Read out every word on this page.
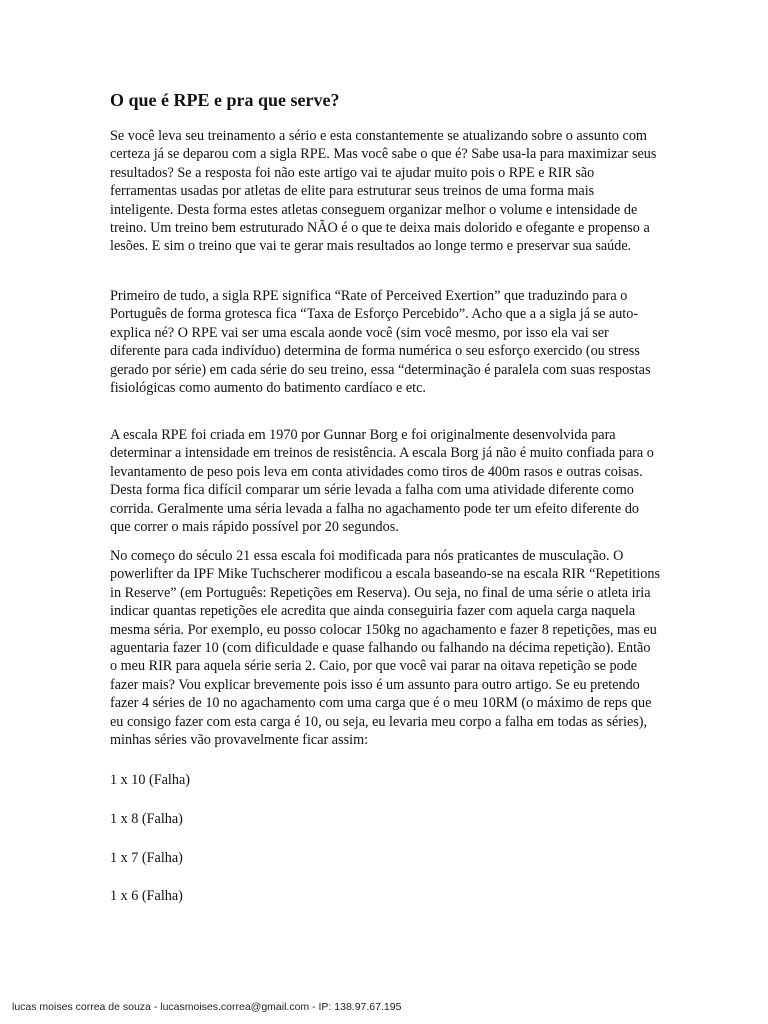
O que é RPE e pra que serve?

Se você leva seu treinamento a sério e esta constantemente se atualizando sobre o assunto com certeza já se deparou com a sigla RPE. Mas você sabe o que é? Sabe usa-la para maximizar seus resultados? Se a resposta foi não este artigo vai te ajudar muito pois o RPE e RIR são ferramentas usadas por atletas de elite para estruturar seus treinos de uma forma mais inteligente. Desta forma estes atletas conseguem organizar melhor o volume e intensidade de treino. Um treino bem estruturado NÃO é o que te deixa mais dolorido e ofegante e propenso a lesões. E sim o treino que vai te gerar mais resultados ao longe termo e preservar sua saúde.

Primeiro de tudo, a sigla RPE significa “Rate of Perceived Exertion” que traduzindo para o Português de forma grotesca fica “Taxa de Esforço Percebido”. Acho que a a sigla já se auto-explica né? O RPE vai ser uma escala aonde você (sim você mesmo, por isso ela vai ser diferente para cada indivíduo) determina de forma numérica o seu esforço exercido (ou stress gerado por série) em cada série do seu treino, essa “determinação é paralela com suas respostas fisiológicas como aumento do batimento cardíaco e etc.

A escala RPE foi criada em 1970 por Gunnar Borg e foi originalmente desenvolvida para determinar a intensidade em treinos de resistência. A escala Borg já não é muito confiada para o levantamento de peso pois leva em conta atividades como tiros de 400m rasos e outras coisas. Desta forma fica difícil comparar um série levada a falha com uma atividade diferente como corrida. Geralmente uma séria levada a falha no agachamento pode ter um efeito diferente do que correr o mais rápido possível por 20 segundos.

No começo do século 21 essa escala foi modificada para nós praticantes de musculação. O powerlifter da IPF Mike Tuchscherer modificou a escala baseando-se na escala RIR “Repetitions in Reserve” (em Português: Repetições em Reserva). Ou seja, no final de uma série o atleta iria indicar quantas repetições ele acredita que ainda conseguiria fazer com aquela carga naquela mesma séria. Por exemplo, eu posso colocar 150kg no agachamento e fazer 8 repetições, mas eu aguentaria fazer 10 (com dificuldade e quase falhando ou falhando na décima repetição). Então o meu RIR para aquela série seria 2. Caio, por que você vai parar na oitava repetição se pode fazer mais? Vou explicar brevemente pois isso é um assunto para outro artigo. Se eu pretendo fazer 4 séries de 10 no agachamento com uma carga que é o meu 10RM (o máximo de reps que eu consigo fazer com esta carga é 10, ou seja, eu levaria meu corpo a falha em todas as séries), minhas séries vão provavelmente ficar assim:

1 x 10 (Falha)
1 x 8 (Falha)
1 x 7 (Falha)
1 x 6 (Falha)
lucas moises correa de souza - lucasmoises.correa@gmail.com - IP: 138.97.67.195
